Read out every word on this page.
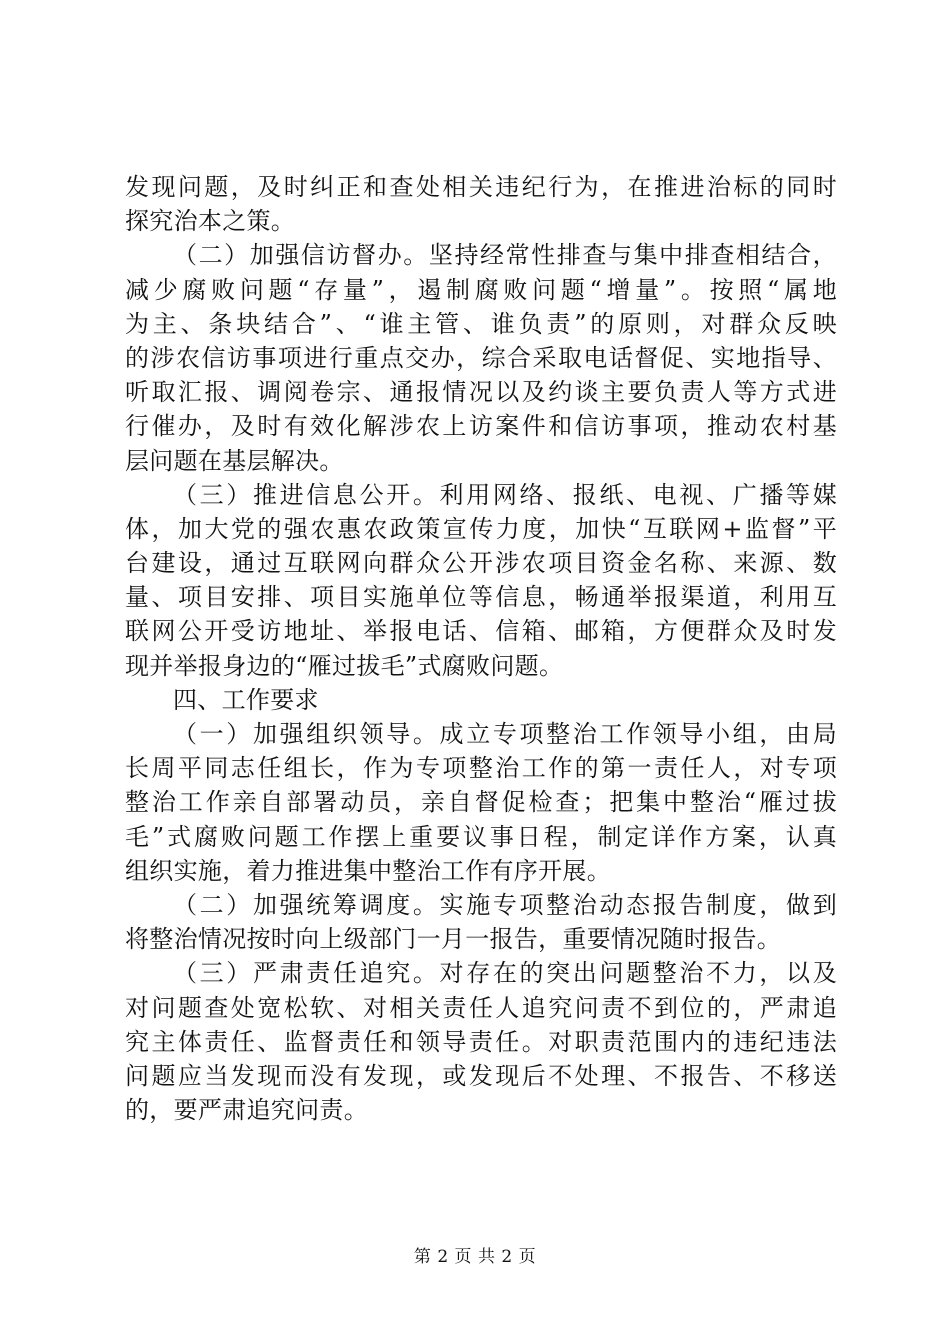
发现问题，及时纠正和查处相关违纪行为，在推进治标的同时
探究治本之策。
（二）加强信访督办。坚持经常性排查与集中排查相结合，
减少腐败问题“存量”，遏制腐败问题“增量”。按照“属地
为主、条块结合”、“谁主管、谁负责”的原则，对群众反映
的涉农信访事项进行重点交办，综合采取电话督促、实地指导、
听取汇报、调阅卷宗、通报情况以及约谈主要负责人等方式进
行催办，及时有效化解涉农上访案件和信访事项，推动农村基
层问题在基层解决。
（三）推进信息公开。利用网络、报纸、电视、广播等媒
体，加大党的强农惠农政策宣传力度，加快“互联网+监督”平
台建设，通过互联网向群众公开涉农项目资金名称、来源、数
量、项目安排、项目实施单位等信息，畅通举报渠道，利用互
联网公开受访地址、举报电话、信箱、邮箱，方便群众及时发
现并举报身边的“雁过拔毛”式腐败问题。
四、工作要求
（一）加强组织领导。成立专项整治工作领导小组，由局
长周平同志任组长，作为专项整治工作的第一责任人，对专项
整治工作亲自部署动员，亲自督促检查；把集中整治“雁过拔
毛”式腐败问题工作摆上重要议事日程，制定详作方案，认真
组织实施，着力推进集中整治工作有序开展。
（二）加强统筹调度。实施专项整治动态报告制度，做到
将整治情况按时向上级部门一月一报告，重要情况随时报告。
（三）严肃责任追究。对存在的突出问题整治不力，以及
对问题查处宽松软、对相关责任人追究问责不到位的，严肃追
究主体责任、监督责任和领导责任。对职责范围内的违纪违法
问题应当发现而没有发现，或发现后不处理、不报告、不移送
的，要严肃追究问责。
第 2 页 共 2 页
